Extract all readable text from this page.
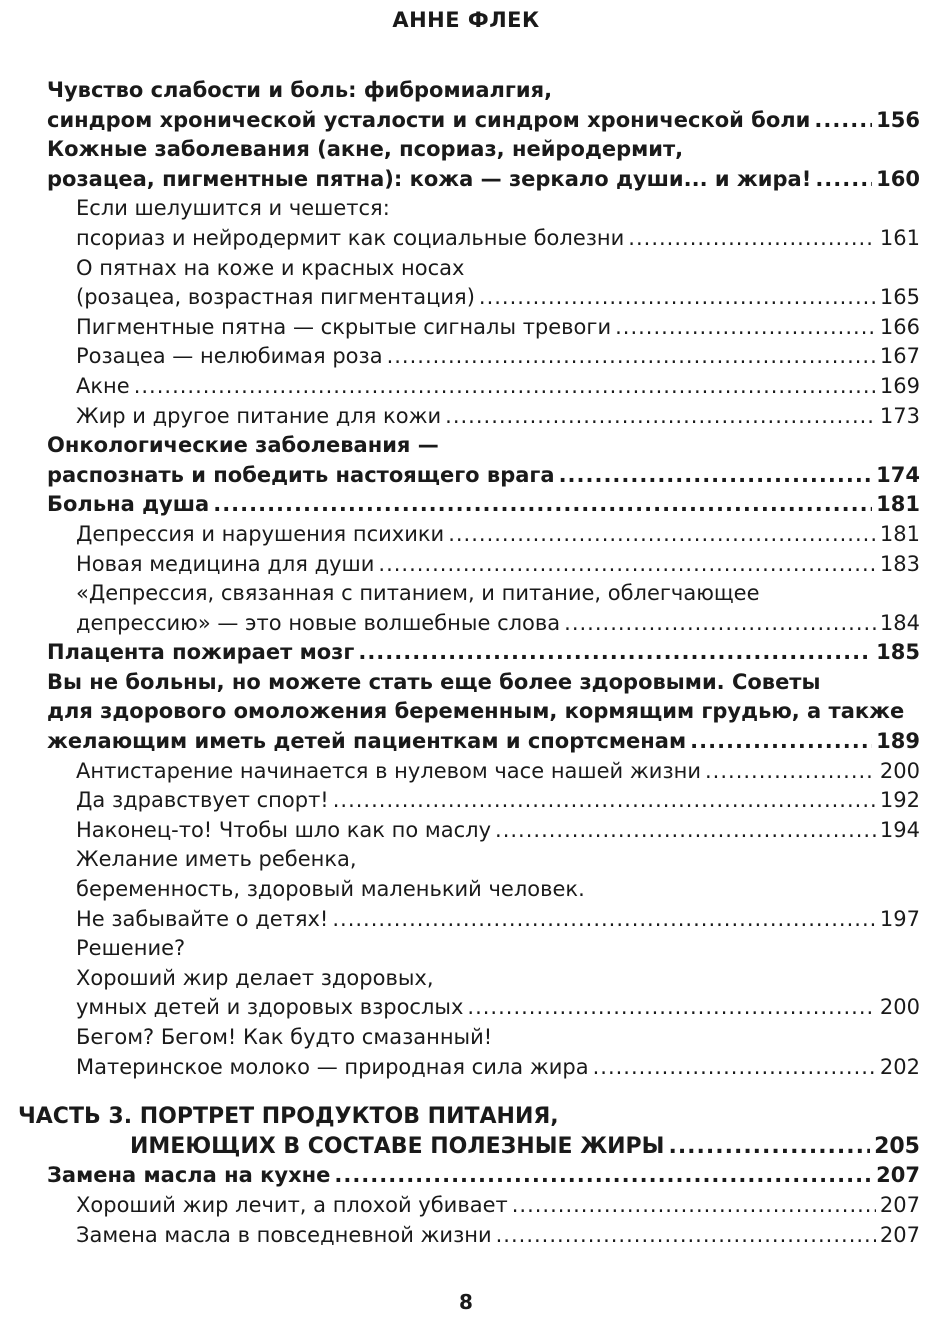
АННЕ ФЛЕК
Чувство слабости и боль: фибромиалгия,
синдром хронической усталости и синдром хронической боли .....	156
Кожные заболевания (акне, псориаз, нейродермит,
розацеа, пигментные пятна): кожа — зеркало души... и жира! .....	160
Если шелушится и чешется:
псориаз и нейродермит как социальные болезни .....	161
О пятнах на коже и красных носах
(розацеа, возрастная пигментация) .....	165
Пигментные пятна — скрытые сигналы тревоги .....	166
Розацеа — нелюбимая роза .....	167
Акне .....	169
Жир и другое питание для кожи .....	173
Онкологические заболевания —
распознать и победить настоящего врага .....	174
Больна душа .....	181
Депрессия и нарушения психики .....	181
Новая медицина для души .....	183
«Депрессия, связанная с питанием, и питание, облегчающее
депрессию» — это новые волшебные слова .....	184
Плацента пожирает мозг .....	185
Вы не больны, но можете стать еще более здоровыми. Советы
для здорового омоложения беременным, кормящим грудью, а также
желающим иметь детей пациенткам и спортсменам .....	189
Антистарение начинается в нулевом часе нашей жизни .....	200
Да здравствует спорт! .....	192
Наконец-то! Чтобы шло как по маслу .....	194
Желание иметь ребенка,
беременность, здоровый маленький человек.
Не забывайте о детях! .....	197
Решение?
Хороший жир делает здоровых,
умных детей и здоровых взрослых .....	200
Бегом? Бегом! Как будто смазанный!
Материнское молоко — природная сила жира .....	202
ЧАСТЬ 3. ПОРТРЕТ ПРОДУКТОВ ПИТАНИЯ,
ИМЕЮЩИХ В СОСТАВЕ ПОЛЕЗНЫЕ ЖИРЫ .....	205
Замена масла на кухне .....	207
Хороший жир лечит, а плохой убивает .....	207
Замена масла в повседневной жизни .....	207
8
